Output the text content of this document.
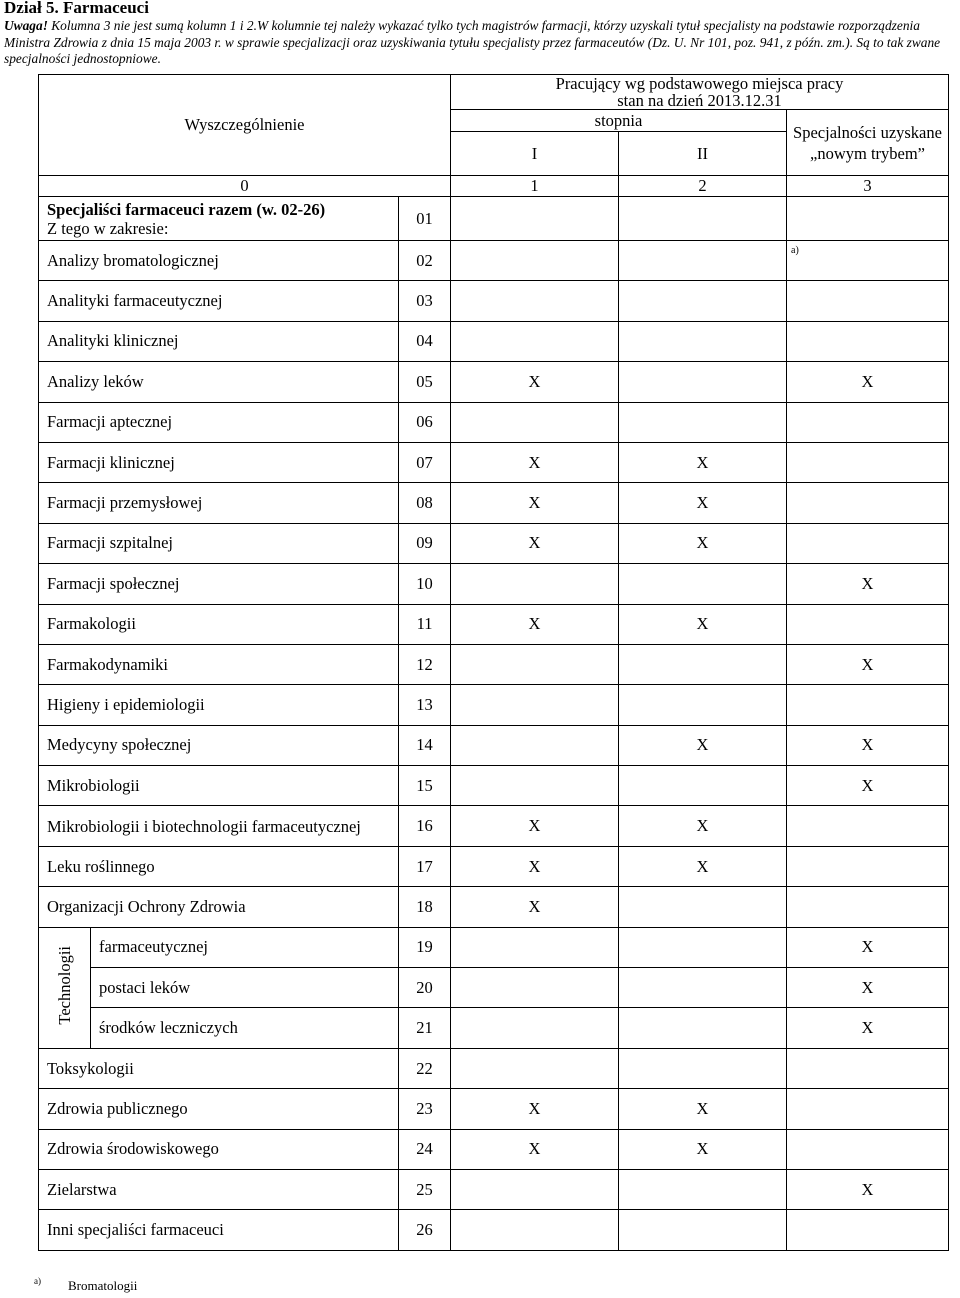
Dział 5. Farmaceuci
Uwaga! Kolumna 3 nie jest sumą kolumn 1 i 2.W kolumnie tej należy wykazać tylko tych magistrów farmacji, którzy uzyskali tytuł specjalisty na podstawie rozporządzenia Ministra Zdrowia z dnia 15 maja 2003 r. w sprawie specjalizacji oraz uzyskiwania tytułu specjalisty przez farmaceutów (Dz. U. Nr 101, poz. 941, z późn. zm.). Są to tak zwane specjalności jednostopniowe.
Wyszczególnienie			Pracujący wg podstawowego miejsca pracy
stan na dzień 2013.12.31		

			stopnia		Specjalności uzyskane „nowym trybem”
			I	II	
0			1	2	3

Specjaliści farmaceuci razem (w. 02-26)
Z tego w zakresie:		01			
Analizy bromatologicznej		02			a)
Analityki farmaceutycznej		03			
Analityki klinicznej		04			
Analizy leków		05	X		X
Farmacji aptecznej		06			
Farmacji klinicznej		07	X	X	
Farmacji przemysłowej		08	X	X	
Farmacji szpitalnej		09	X	X	
Farmacji społecznej		10			X
Farmakologii		11	X	X	
Farmakodynamiki		12			X
Higieny i epidemiologii		13			
Medycyny społecznej		14		X	X
Mikrobiologii		15			X

Mikrobiologii i biotechnologii farmaceutycznej		16	X	X	
Leku roślinnego		17	X	X	
Organizacji Ochrony Zdrowia		18	X		
Technologii	farmaceutycznej	19			X
	postaci leków	20			X
	środków leczniczych	21			X
Toksykologii		22			
Zdrowia publicznego		23	X	X	
Zdrowia środowiskowego		24	X	X	
Zielarstwa		25			X
Inni specjaliści farmaceuci		26			
$^{a)}$ Bromatologii
